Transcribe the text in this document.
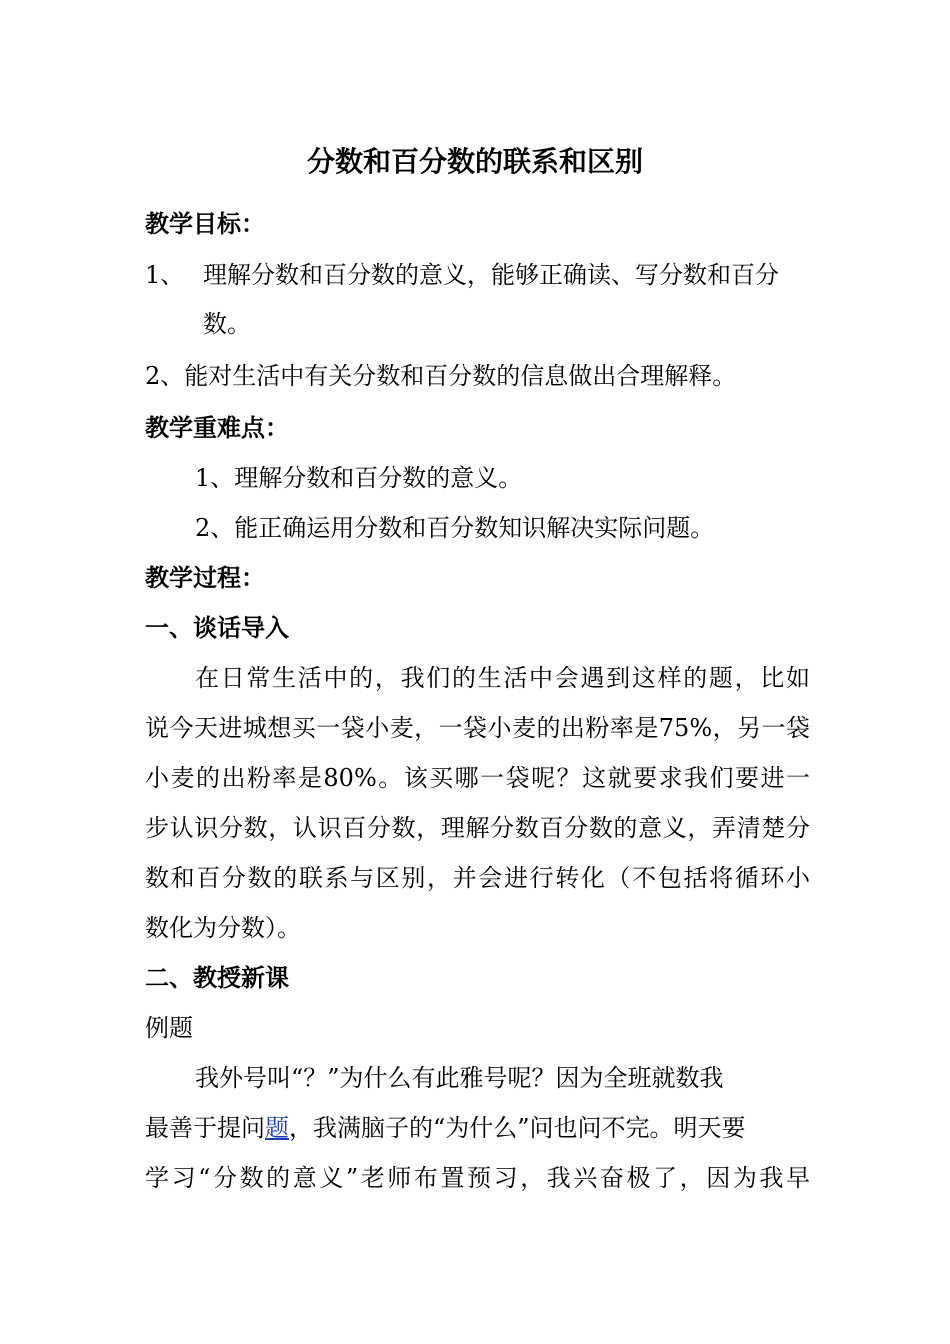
分数和百分数的联系和区别
教学目标：
1、 理解分数和百分数的意义，能够正确读、写分数和百分
数。
2、能对生活中有关分数和百分数的信息做出合理解释。
教学重难点：
1、理解分数和百分数的意义。
2、能正确运用分数和百分数知识解决实际问题。
教学过程：
一、谈话导入
在日常生活中的，我们的生活中会遇到这样的题，比如
说今天进城想买一袋小麦，一袋小麦的出粉率是75%，另一袋
小麦的出粉率是80%。该买哪一袋呢？这就要求我们要进一
步认识分数，认识百分数，理解分数百分数的意义，弄清楚分
数和百分数的联系与区别，并会进行转化（不包括将循环小
数化为分数）。
二、教授新课
例题
我外号叫“？”为什么有此雅号呢？因为全班就数我
最善于提问题，我满脑子的“为什么”问也问不完。明天要
学习“分数的意义”老师布置预习，我兴奋极了，因为我早
